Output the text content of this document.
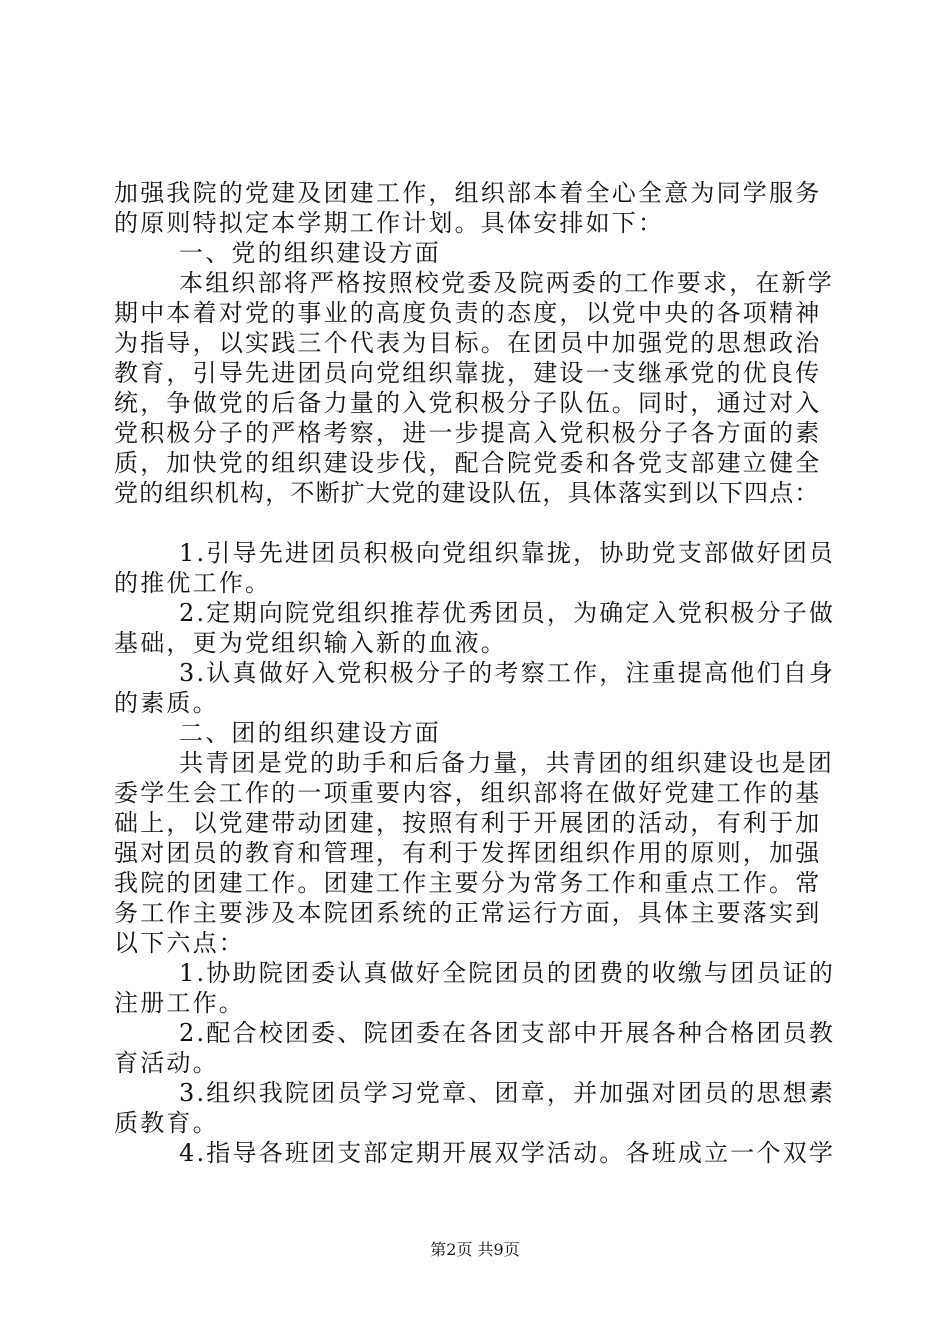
加强我院的党建及团建工作，组织部本着全心全意为同学服务
的原则特拟定本学期工作计划。具体安排如下：
一、党的组织建设方面
本组织部将严格按照校党委及院两委的工作要求，在新学
期中本着对党的事业的高度负责的态度，以党中央的各项精神
为指导，以实践三个代表为目标。在团员中加强党的思想政治
教育，引导先进团员向党组织靠拢，建设一支继承党的优良传
统，争做党的后备力量的入党积极分子队伍。同时，通过对入
党积极分子的严格考察，进一步提高入党积极分子各方面的素
质，加快党的组织建设步伐，配合院党委和各党支部建立健全
党的组织机构，不断扩大党的建设队伍，具体落实到以下四点：
1.引导先进团员积极向党组织靠拢，协助党支部做好团员
的推优工作。
2.定期向院党组织推荐优秀团员，为确定入党积极分子做
基础，更为党组织输入新的血液。
3.认真做好入党积极分子的考察工作，注重提高他们自身
的素质。
二、团的组织建设方面
共青团是党的助手和后备力量，共青团的组织建设也是团
委学生会工作的一项重要内容，组织部将在做好党建工作的基
础上，以党建带动团建，按照有利于开展团的活动，有利于加
强对团员的教育和管理，有利于发挥团组织作用的原则，加强
我院的团建工作。团建工作主要分为常务工作和重点工作。常
务工作主要涉及本院团系统的正常运行方面，具体主要落实到
以下六点：
1.协助院团委认真做好全院团员的团费的收缴与团员证的
注册工作。
2.配合校团委、院团委在各团支部中开展各种合格团员教
育活动。
3.组织我院团员学习党章、团章，并加强对团员的思想素
质教育。
4.指导各班团支部定期开展双学活动。各班成立一个双学
第2页 共9页
